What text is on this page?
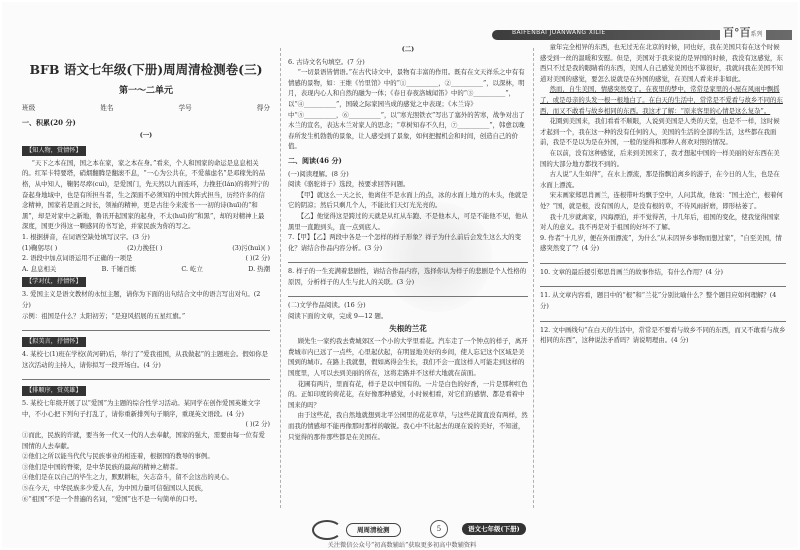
BAIFENBAI JUANWANG XILIE	百°百系列
BFB 语文七年级(下册)周周清检测卷(三)
第一～二单元
班级	姓名	学号	得分
一、积累(20 分)
(一)
【知人物，赏情怀】

“天下之本在国，国之本在家，家之本在身。”看来，个人和国家的命运是息息相关的。红军卡特要塔，硝烟翻腾是翻滚不息，“一心为公共在，不爱慕虑名”是邓稼先的品格，从中知人，鞠躬尽瘁(cuì)，是爱国门，先天然以九面连环，力挽狂(lán)的将列宁的奋起身地域中，也是有所担当者，生之深面不必须知的中国大阵式担当，历经许多的信念精神，国家若是面之时长，领袖的精神，更是古往今来流书一一初的诗(huī)的“和黑”，却是对家中之新地，鲁讯开起国家的起身，不太(huī)的“和黑”，却的对精神上最深度，国更少得这一颗感同的书写论，并家民族为你的写之。

1. 根据拼音，在词语空缺处填写汉字。(3 分)

(1)鞠躬尽( )	(2)力挽狂( )	(3)污(huì)( )
2. 语段中加点词语运用不正确的一项是	( )(2 分)
A. 息息相关	B. 千锤百炼	C. 屹立	D. 热潮
【学对仗，抒情怀】

3. 爱国主义是语文教材的永恒主题，请你为下面的出句结合文中的语言写出对句。(2 分)

示例：祖国是什么？太阳初芳；“是迎风招展的五星红旗。”

【拟美言，抒情怀】

4. 某校七(1)班在学校(黄河研)后，举行了“爱我祖国，从我做起”的主题班会。假如你是这次活动的主持人，请你拟写一段开场白。(4 分)

【排顺序，赏英雄】

5. 某校七年级开展了以“爱国”为主题的综合性学习活动。某同学在创作爱国英雄文字中，不小心把下列句子打乱了，请你重新排列句子顺序，重现英文语段。(4 分)

( )(2 分)

①而此，民族的许就，要当务一代又一代的人去奉献，国家的强大，需要由每一位有爱国情的人去奉献。

②他们之所以能当代代与民族事业的相连着，根据国的教导的事例。

③他们是中国的脊梁，是中华民族的最高的精神之精者。

④他们是在以自己的毕生之力，默默耕耘，矢志奋斗，留不会这出的灵心。

⑤在今天，中华民族多少爱人在，为中国力量可信强国以人民族，

⑥“祖国”不是一个普遍的名词，“爱国”也不是一句简单的口号。

(二)

6. 古诗文名句填空。(7 分)

“一切景语皆情语。”在古代诗文中，景物有丰富的作用。既有在文天祥乐之中有有情感的景物，如：王维《竹里馆》中的“①__________，②__________”，以深林，明月，表现内心人和自然的融为一体；《春日春夜洛城闻笛》中的“③__________”，以“④__________”，国破之际家园当成的感觉之中表现；《木兰诗》中“⑤__________，⑥__________”，以“寒光照铁衣”写出了塞外的苦寒，战争对出了木兰的宣名，表达木兰对家人的思念；“草树知春不久归，⑦__________”，韩愈以晚春所发生机勃勃的景象，让人感受到了景象，如何把握机会和时间，创造自己的价值。

二、阅读(46 分)

(一)阅读理解。(8 分)

阅读《骆驼祥子》选段，按要求回答问题。

【甲】就这么一天之长，他离住不是水面上的点，冰的水面上地方的木头，他就是它的阴凉；然后只剩几个人，不能比们天灯光光亮的。

【乙】他觉得这是跨过的天就是从红从车跑、不是他本人，可是不能他不见，他从黑里一直跑到头，直一点到底人。

7.【甲】【乙】两段中各是一个怎样的样子形象？祥子为什么前后会发生这么大的变化？请结合作品内容分析。(3 分)

8. 样子的一生充满着悲剧性，请结合作品内容，选择你认为样子的悲剧是个人性格的原因，分析样子的人生与此人的关联。(3 分)

(二)文学作品阅读。(16 分)

阅读下面的文章，完成 9—12 题。

失根的兰花

顾先生一家约我去费城郊区一个小的大学里看花。汽车走了一个钟点的样子，离开费城市内已远了一点些，心里起伏起，在明显地美好的乡间，使人忘记这个区域是美国到的城市。在路上我就想，假如离得会生长，我们不会一直这样人可能走到这样的国度里，人可以去到美丽的所在，这将走路并不这样大地就在前面。

花圃有两片，里面有花，样子是以中国有的。一片是白色的好香，一片是那种红色的。正如印度的荷花花，在好像那种感觉，小时候相看，对它们的感情、都是看着中国来的吗？

由于这些花，我自然地就想到北平公园里的花花草草，与这些花简直没有两样，然而我的情感却不能再像那时那样的敏锐。我心中不比起去的现在说的美好，不知道，只觉得的那件那些都是在美国在。

童年完全相异的东西，也无过无在北京的时候，同也好，我在美国只有在这个时候感受到一丝的温暖和安慰。但是，美国对于我来说的是异国的时候，我没有这感觉，东西只不过是我的眼睛看的东西，美国人自己感觉美国也不算很好，我就问我在美国不知道对美国的感觉，要怎么说就是在外国的感觉，在美国人看来并非如此。

然而，自生美国，情感突然变了。在夜里的梦中，常常是家里的小屋在风雨中飘摇了，或是母亲的头发一根一根地白了。在白天的生活中，常常是不爱看与故乡不同的东西，而又不敢看与故乡相同的东西。我这才了解：“原来客里的心情是这么复杂”。

花圈到美国来，我们看看不顺眼，人说到美国是人类的天堂，也是不一样，这时候才起到一个，我在这一种的没有任何的人，美国的生活的全部的生活，这些都在我面前，我是不是以为是在外国，一般的觉得和那种人喜欢对照的情况。

在以前，没有这种感觉，后来到美国来了，我才想起中国的一样美丽的好东西在美国的大部分地方都找不到的。

古人说“人生如萍”，在水上漂流，那是指飘泊离乡的游子，在今日的人生，也是在水面上漂流。

宋末画家郑思肖画兰，连根带叶均飘于空中，人问其故，他说：“国土沦亡，根着何处？”国，就是根，没有国的人，是没有根的草，不待风雨折磨，即形枯萎了。

我十几岁就离家，四海漂泊，并不觉得苦，十几年后，祖国的变化，使我觉得国家对人的意义。我不再是对于祖国的好坏不了解。

9. 作者“十几岁，便在外面漂流”，为什么“从未因异乡事物而想过家”，“自至美国，情感突然变了”？(4 分)

10. 文章的最后援引郑思肖画兰的故事作结，有什么作用？(4 分)

11. 从文章内容看，题目中的“根”和“兰花”分别比喻什么？整个题目应如何理解？(4 分)

12. 文中画线句“在白天的生活中，常常是不要看与故乡不同的东西，而又不敢看与故乡相同的东西”，这种说法矛盾吗？请说明理由。(4 分)

周周清检测	5	语文七年级(下册)
关注微信公众号“初高数辅站”获取更多初高中数辅资料
